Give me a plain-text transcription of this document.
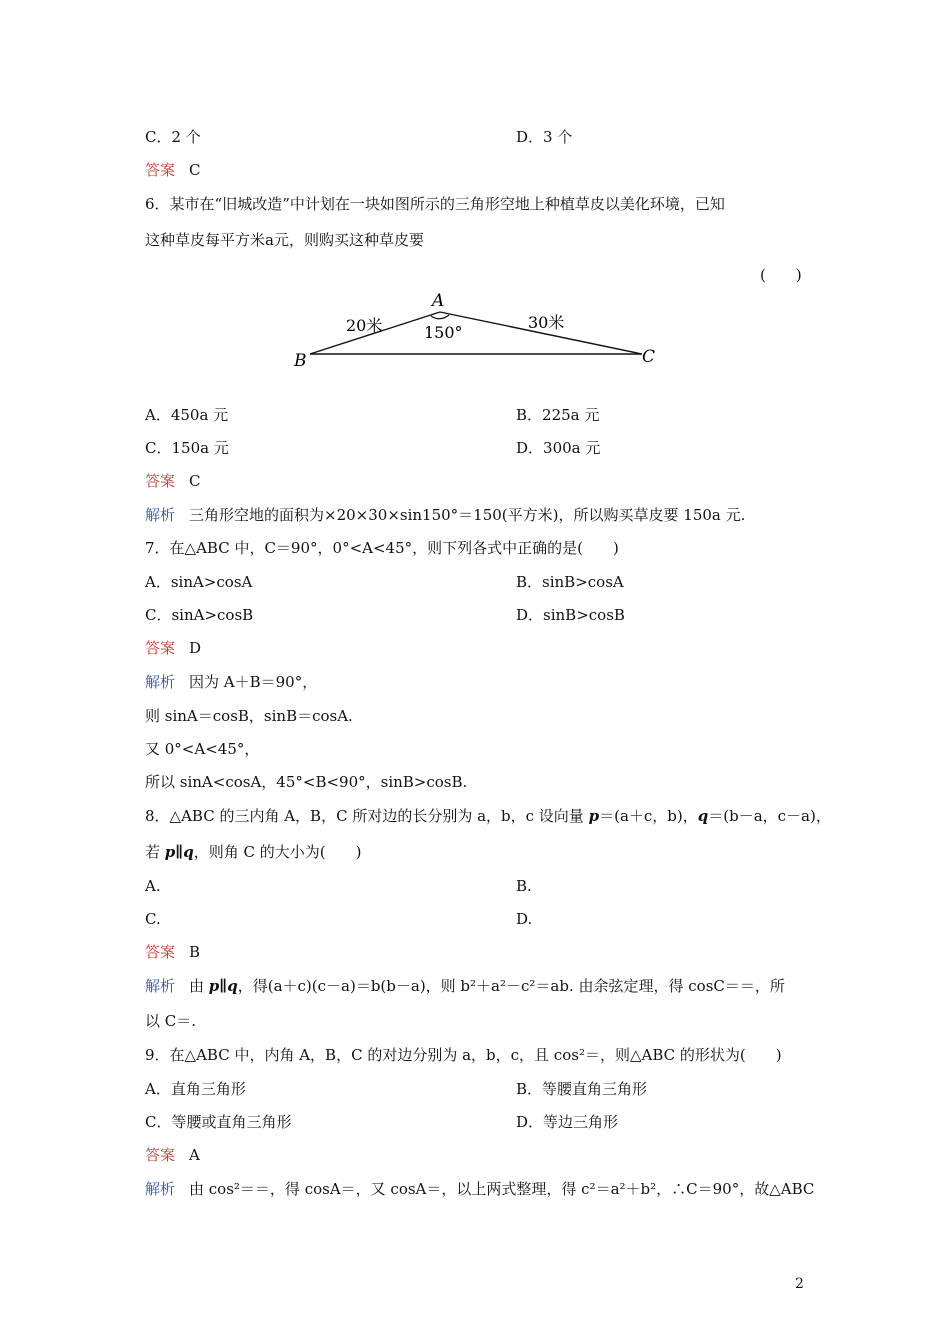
C．2 个	D．3 个
答案 C
6．某市在“旧城改造”中计划在一块如图所示的三角形空地上种植草皮以美化环境，已知
这种草皮每平方米a元，则购买这种草皮要
(　　)
A
B	C
20米	30米
150°
A．450a 元	B．225a 元
C．150a 元	D．300a 元
答案 C
解析 三角形空地的面积为×20×30×sin150°＝150(平方米)，所以购买草皮要 150a 元.
7．在△ABC 中，C＝90°，0°<A<45°，则下列各式中正确的是(　　)
A．sinA>cosA	B．sinB>cosA
C．sinA>cosB	D．sinB>cosB
答案 D
解析 因为 A＋B＝90°，
则 sinA＝cosB，sinB＝cosA.
又 0°<A<45°，
所以 sinA<cosA，45°<B<90°，sinB>cosB.
8．△ABC 的三内角 A，B，C 所对边的长分别为 a，b，c 设向量 p＝(a＋c，b)，q＝(b－a，c－a)，
若 p∥q，则角 C 的大小为(　　)
A.	B.
C.	D.
答案 B
解析 由 p∥q，得(a＋c)(c－a)＝b(b－a)，则 b²＋a²－c²＝ab. 由余弦定理，得 cosC＝＝，所
以 C＝.
9．在△ABC 中，内角 A，B，C 的对边分别为 a，b，c，且 cos²＝，则△ABC 的形状为(　　)
A．直角三角形	B．等腰直角三角形
C．等腰或直角三角形	D．等边三角形
答案 A
解析 由 cos²＝＝，得 cosA＝，又 cosA＝，以上两式整理，得 c²＝a²＋b²，∴C＝90°，故△ABC
2
